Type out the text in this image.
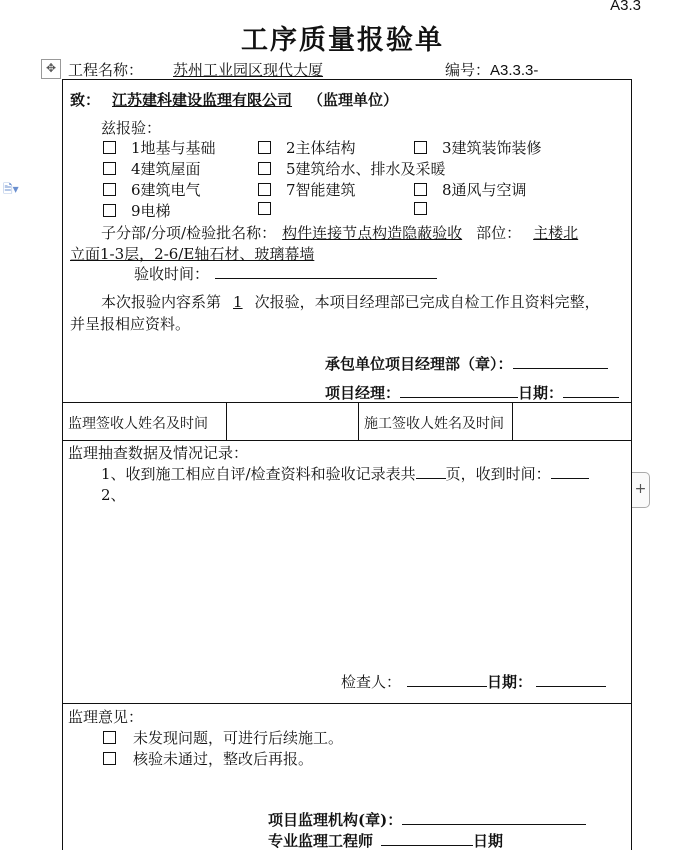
A3.3
工序质量报验单
✥
🗎▾
+
工程名称： 苏州工业园区现代大厦	编号：A3.3.3-
致： 江苏建科建设监理有限公司 （监理单位）
兹报验：
1地基与基础	2主体结构	3建筑装饰装修
4建筑屋面	5建筑给水、排水及采暖
6建筑电气	7智能建筑	8通风与空调
9电梯
子分部/分项/检验批名称： 构件连接节点构造隐蔽验收 部位： 主楼北
立面1-3层，2-6/E轴石材、玻璃幕墙
验收时间：
本次报验内容系第 1 次报验，本项目经理部已完成自检工作且资料完整，
并呈报相应资料。
承包单位项目经理部（章）：
项目经理：	日期：
监理签收人姓名及时间	施工签收人姓名及时间
监理抽查数据及情况记录：
1、收到施工相应自评/检查资料和验收记录表共 页，收到时间：
2、
检查人：	日期：
监理意见：
未发现问题，可进行后续施工。
核验未通过，整改后再报。
项目监理机构(章)：
专业监理工程师	日期
